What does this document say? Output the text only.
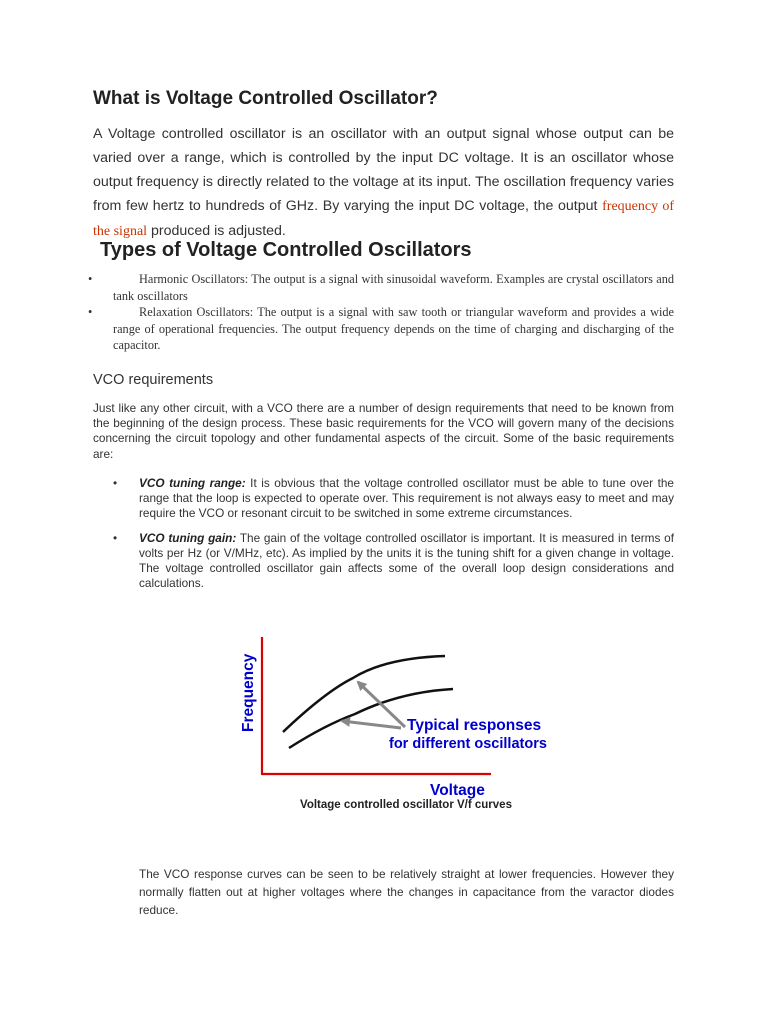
What is Voltage Controlled Oscillator?

A Voltage controlled oscillator is an oscillator with an output signal whose output can be varied over a range, which is controlled by the input DC voltage. It is an oscillator whose output frequency is directly related to the voltage at its input. The oscillation frequency varies from few hertz to hundreds of GHz. By varying the input DC voltage, the output frequency of the signal produced is adjusted.

Types of Voltage Controlled Oscillators
•	Harmonic Oscillators: The output is a signal with sinusoidal waveform. Examples are crystal oscillators and tank oscillators
•	Relaxation Oscillators: The output is a signal with saw tooth or triangular waveform and provides a wide range of operational frequencies. The output frequency depends on the time of charging and discharging of the capacitor.
VCO requirements

Just like any other circuit, with a VCO there are a number of design requirements that need to be known from the beginning of the design process. These basic requirements for the VCO will govern many of the decisions concerning the circuit topology and other fundamental aspects of the circuit. Some of the basic requirements are:

• VCO tuning range: It is obvious that the voltage controlled oscillator must be able to tune over the range that the loop is expected to operate over. This requirement is not always easy to meet and may require the VCO or resonant circuit to be switched in some extreme circumstances.
• VCO tuning gain: The gain of the voltage controlled oscillator is important. It is measured in terms of volts per Hz (or V/MHz, etc). As implied by the units it is the tuning shift for a given change in voltage. The voltage controlled oscillator gain affects some of the overall loop design considerations and calculations.
Typical responses
for different oscillators
Voltage
Frequency
Voltage controlled oscillator V/f curves

The VCO response curves can be seen to be relatively straight at lower frequencies. However they normally flatten out at higher voltages where the changes in capacitance from the varactor diodes reduce.
